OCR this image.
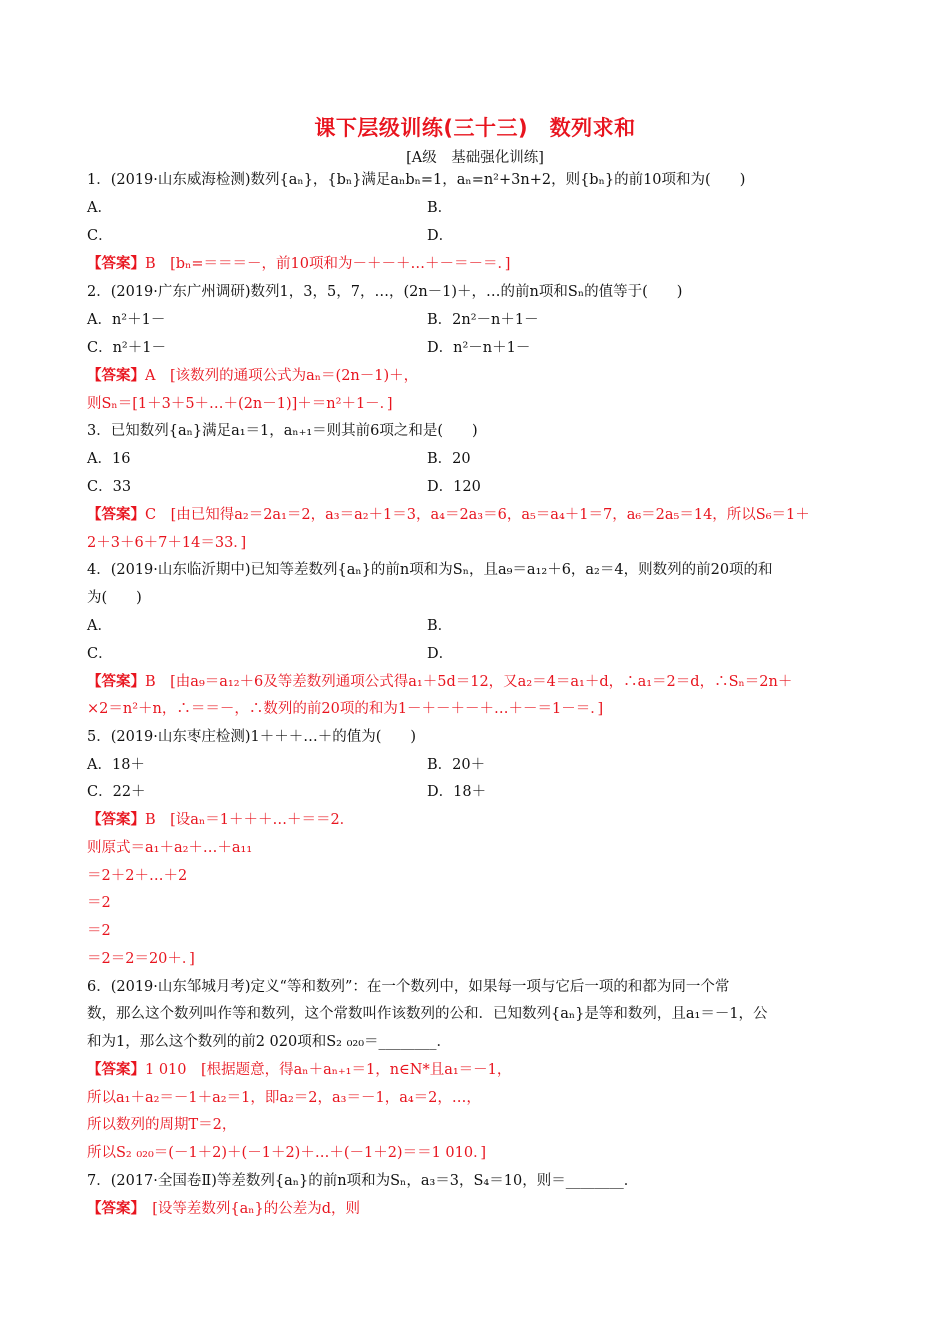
课下层级训练(三十三)　数列求和
[A级　基础强化训练]
1．(2019·山东威海检测)数列{aₙ}，{bₙ}满足aₙbₙ=1，aₙ=n²+3n+2，则{bₙ}的前10项和为(　　)
A．	B．
C．	D．
【答案】B　[bₙ=＝＝＝－，前10项和为－＋－＋…＋－＝－＝．]
2．(2019·广东广州调研)数列1，3，5，7，…，(2n－1)＋，…的前n项和Sₙ的值等于(　　)
A．n²＋1－	B．2n²－n＋1－
C．n²＋1－	D．n²－n＋1－
【答案】A　[该数列的通项公式为aₙ＝(2n－1)＋，
则Sₙ＝[1＋3＋5＋…＋(2n－1)]＋＝n²＋1－．]
3．已知数列{aₙ}满足a₁＝1，aₙ₊₁＝则其前6项之和是(　　)
A．16	B．20
C．33	D．120
【答案】C　[由已知得a₂＝2a₁＝2，a₃＝a₂＋1＝3，a₄＝2a₃＝6，a₅＝a₄＋1＝7，a₆＝2a₅＝14，所以S₆＝1＋
2＋3＋6＋7＋14＝33．]
4．(2019·山东临沂期中)已知等差数列{aₙ}的前n项和为Sₙ，且a₉＝a₁₂＋6，a₂＝4，则数列的前20项的和
为(　　)
A．	B．
C．	D．
【答案】B　[由a₉＝a₁₂＋6及等差数列通项公式得a₁＋5d＝12，又a₂＝4＝a₁＋d，∴a₁＝2＝d，∴Sₙ＝2n＋
×2＝n²＋n，∴＝＝－，∴数列的前20项的和为1－＋－＋－＋…＋－＝1－＝．]
5．(2019·山东枣庄检测)1＋＋＋…＋的值为(　　)
A．18＋	B．20＋
C．22＋	D．18＋
【答案】B　[设aₙ＝1＋＋＋…＋＝＝2．
则原式＝a₁＋a₂＋…＋a₁₁
＝2＋2＋…＋2
＝2
＝2
＝2＝2＝20＋．]
6．(2019·山东邹城月考)定义“等和数列”：在一个数列中，如果每一项与它后一项的和都为同一个常
数，那么这个数列叫作等和数列，这个常数叫作该数列的公和．已知数列{aₙ}是等和数列，且a₁＝－1，公
和为1，那么这个数列的前2 020项和S₂ ₀₂₀＝________．
【答案】1 010　[根据题意，得aₙ＋aₙ₊₁＝1，n∈N*且a₁＝－1，
所以a₁＋a₂＝－1＋a₂＝1，即a₂＝2，a₃＝－1，a₄＝2，…，
所以数列的周期T＝2，
所以S₂ ₀₂₀＝(－1＋2)＋(－1＋2)＋…＋(－1＋2)＝＝1 010．]
7．(2017·全国卷Ⅱ)等差数列{aₙ}的前n项和为Sₙ，a₃＝3，S₄＝10，则＝________．
【答案】　[设等差数列{aₙ}的公差为d，则
